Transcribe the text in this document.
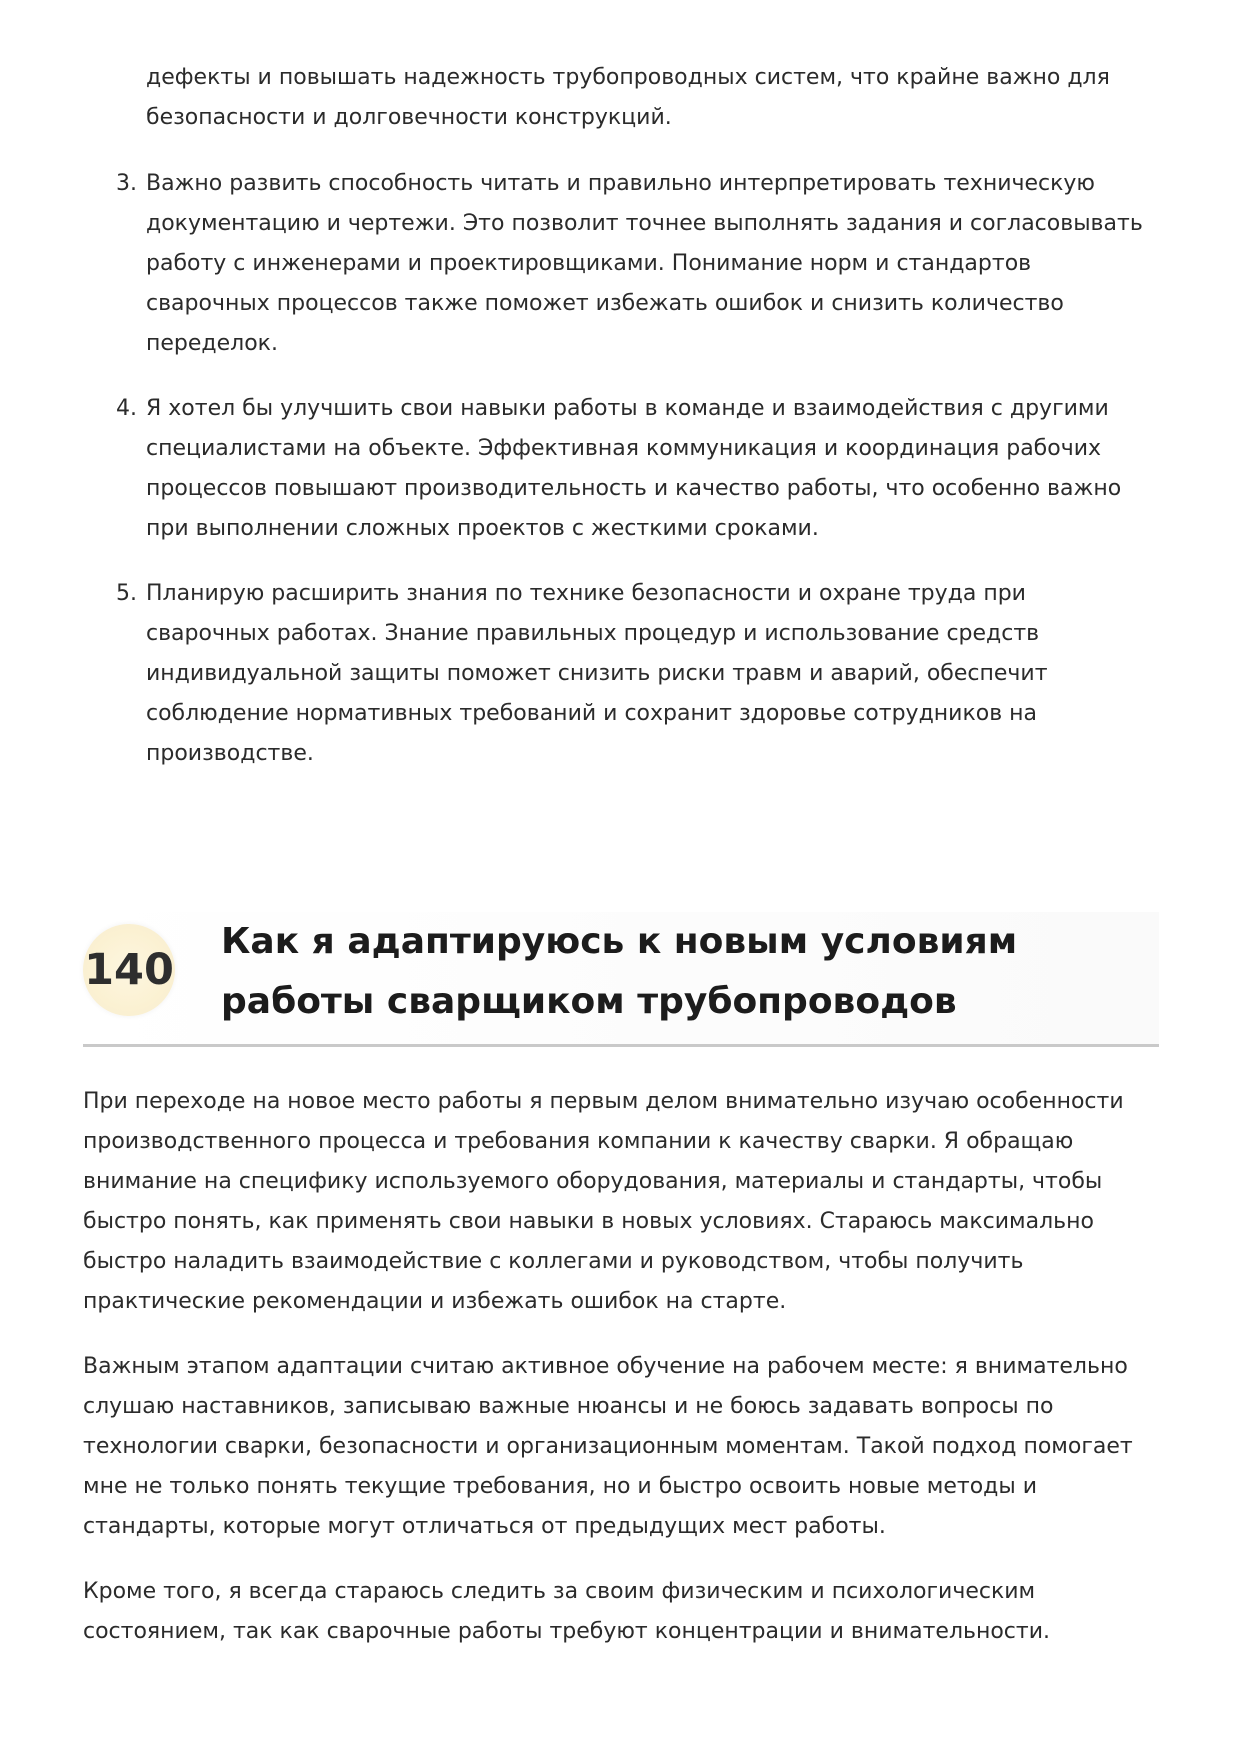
дефекты и повышать надежность трубопроводных систем, что крайне важно для безопасности и долговечности конструкций.

3. Важно развить способность читать и правильно интерпретировать техническую документацию и чертежи. Это позволит точнее выполнять задания и согласовывать работу с инженерами и проектировщиками. Понимание норм и стандартов сварочных процессов также поможет избежать ошибок и снизить количество переделок.
4. Я хотел бы улучшить свои навыки работы в команде и взаимодействия с другими специалистами на объекте. Эффективная коммуникация и координация рабочих процессов повышают производительность и качество работы, что особенно важно при выполнении сложных проектов с жесткими сроками.
5. Планирую расширить знания по технике безопасности и охране труда при сварочных работах. Знание правильных процедур и использование средств индивидуальной защиты поможет снизить риски травм и аварий, обеспечит соблюдение нормативных требований и сохранит здоровье сотрудников на производстве.
140
Как я адаптируюсь к новым условиям работы сварщиком трубопроводов

При переходе на новое место работы я первым делом внимательно изучаю особенности производственного процесса и требования компании к качеству сварки. Я обращаю внимание на специфику используемого оборудования, материалы и стандарты, чтобы быстро понять, как применять свои навыки в новых условиях. Стараюсь максимально быстро наладить взаимодействие с коллегами и руководством, чтобы получить практические рекомендации и избежать ошибок на старте.

Важным этапом адаптации считаю активное обучение на рабочем месте: я внимательно слушаю наставников, записываю важные нюансы и не боюсь задавать вопросы по технологии сварки, безопасности и организационным моментам. Такой подход помогает мне не только понять текущие требования, но и быстро освоить новые методы и стандарты, которые могут отличаться от предыдущих мест работы.

Кроме того, я всегда стараюсь следить за своим физическим и психологическим состоянием, так как сварочные работы требуют концентрации и внимательности.
